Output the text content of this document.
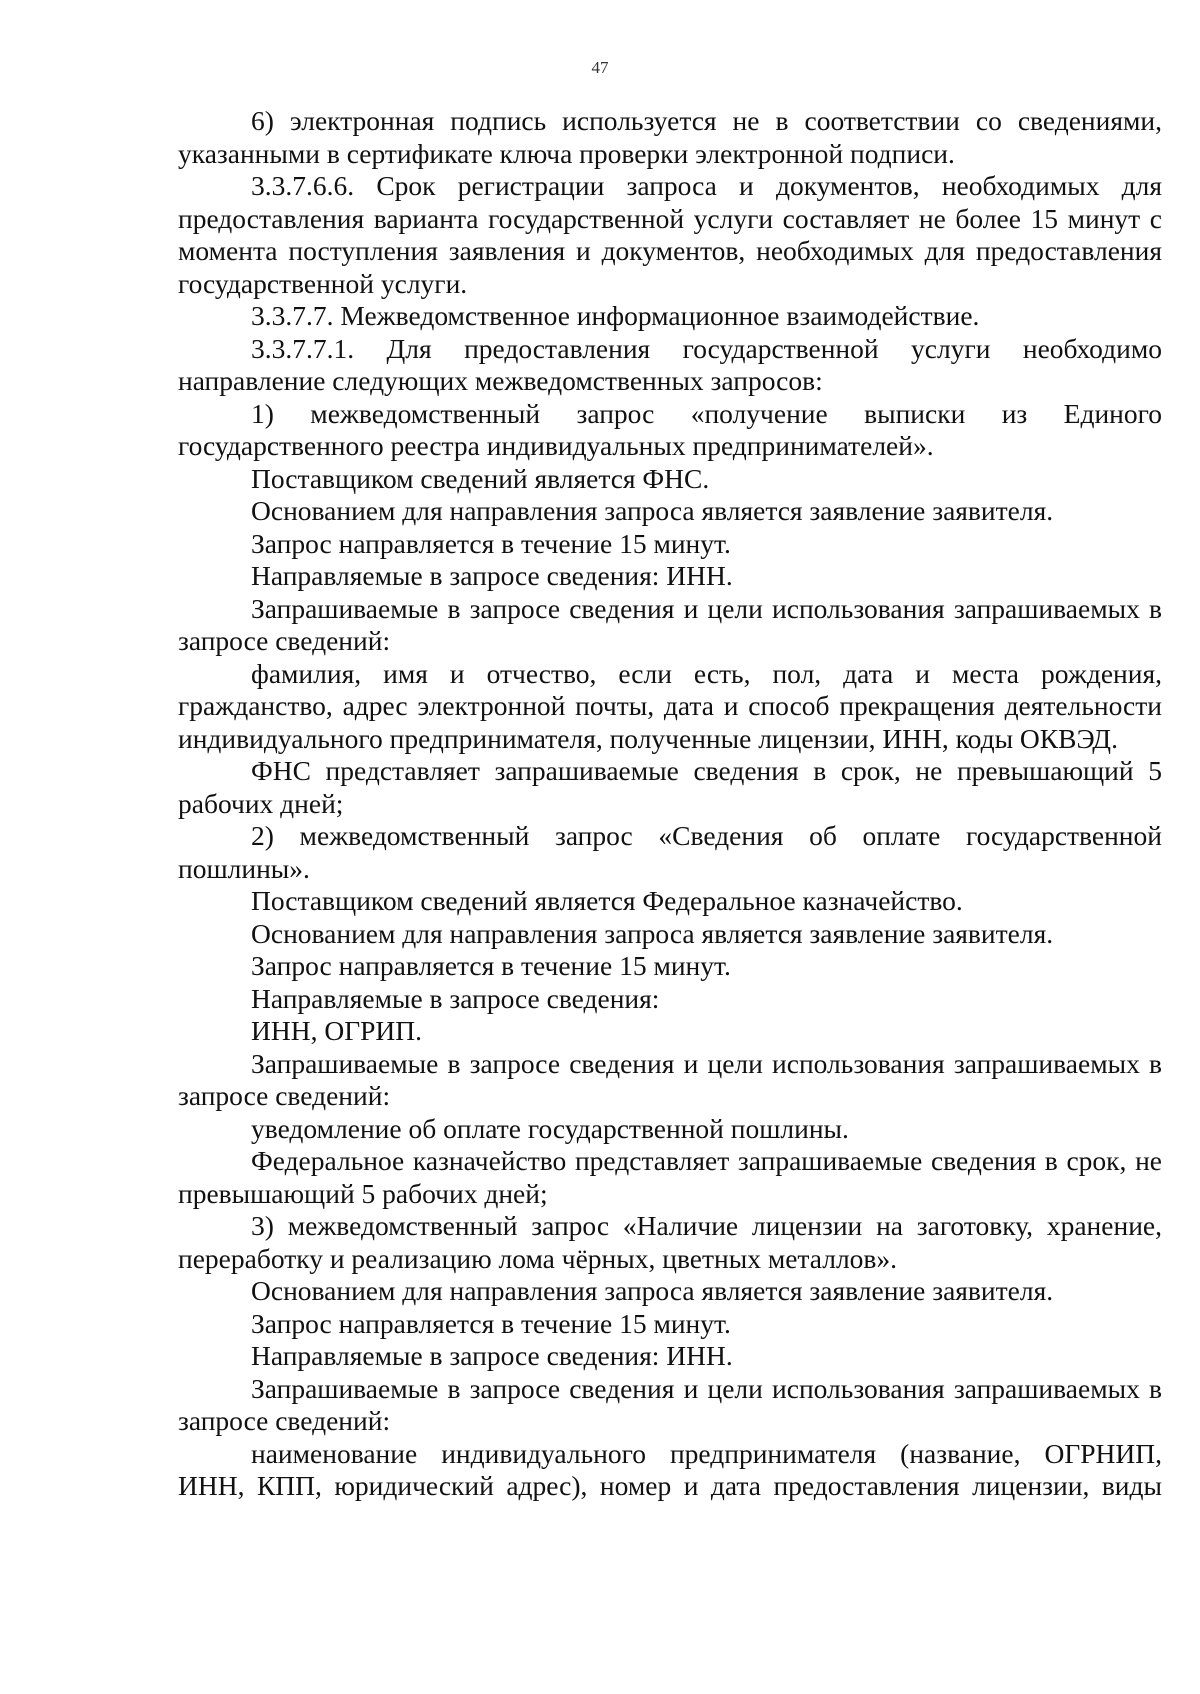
47

6) электронная подпись используется не в соответствии со сведениями, указанными в сертификате ключа проверки электронной подписи.

3.3.7.6.6. Срок регистрации запроса и документов, необходимых для предоставления варианта государственной услуги составляет не более 15 минут с момента поступления заявления и документов, необходимых для предоставления государственной услуги.

3.3.7.7. Межведомственное информационное взаимодействие.

3.3.7.7.1. Для предоставления государственной услуги необходимо направление следующих межведомственных запросов:

1) межведомственный запрос «получение выписки из Единого государственного реестра индивидуальных предпринимателей».

Поставщиком сведений является ФНС.

Основанием для направления запроса является заявление заявителя.

Запрос направляется в течение 15 минут.

Направляемые в запросе сведения: ИНН.

Запрашиваемые в запросе сведения и цели использования запрашиваемых в запросе сведений:

фамилия, имя и отчество, если есть, пол, дата и места рождения, гражданство, адрес электронной почты, дата и способ прекращения деятельности индивидуального предпринимателя, полученные лицензии, ИНН, коды ОКВЭД.

ФНС представляет запрашиваемые сведения в срок, не превышающий 5 рабочих дней;

2) межведомственный запрос «Сведения об оплате государственной пошлины».

Поставщиком сведений является Федеральное казначейство.

Основанием для направления запроса является заявление заявителя.

Запрос направляется в течение 15 минут.

Направляемые в запросе сведения:

ИНН, ОГРИП.

Запрашиваемые в запросе сведения и цели использования запрашиваемых в запросе сведений:

уведомление об оплате государственной пошлины.

Федеральное казначейство представляет запрашиваемые сведения в срок, не превышающий 5 рабочих дней;

3) межведомственный запрос «Наличие лицензии на заготовку, хранение, переработку и реализацию лома чёрных, цветных металлов».

Основанием для направления запроса является заявление заявителя.

Запрос направляется в течение 15 минут.

Направляемые в запросе сведения: ИНН.

Запрашиваемые в запросе сведения и цели использования запрашиваемых в запросе сведений:

наименование индивидуального предпринимателя (название, ОГРНИП, ИНН, КПП, юридический адрес), номер и дата предоставления лицензии, виды
